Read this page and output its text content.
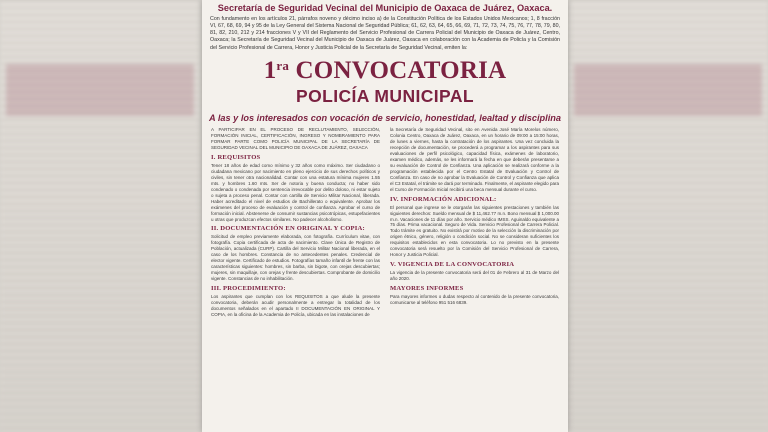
Secretaría de Seguridad Vecinal del Municipio de Oaxaca de Juárez, Oaxaca.

Con fundamento en los artículos 21, párrafos noveno y décimo inciso a) de la Constitución Política de los Estados Unidos Mexicanos; 1, 8 fracción VI, 67, 68, 69, 94 y 95 de la Ley General del Sistema Nacional de Seguridad Pública; 61, 62, 63, 64, 65, 66, 69, 71, 72, 73, 74, 75, 76, 77, 78, 79, 80, 81, 82, 210, 212 y 214 fracciones V y VII del Reglamento del Servicio Profesional de Carrera Policial del Municipio de Oaxaca de Juárez, Centro, Oaxaca; la Secretaría de Seguridad Vecinal del Municipio de Oaxaca de Juárez, Oaxaca en colaboración con la Academia de Policía y la Comisión del Servicio Profesional de Carrera, Honor y Justicia Policial de la Secretaría de Seguridad Vecinal, emiten la:

$1^{ra}$ CONVOCATORIA
POLICÍA MUNICIPAL
A las y los interesados con vocación de servicio, honestidad, lealtad y disciplina

A PARTICIPAR EN EL PROCESO DE RECLUTAMIENTO, SELECCIÓN, FORMACIÓN INICIAL, CERTIFICACIÓN, INGRESO Y NOMBRAMIENTO PARA FORMAR PARTE COMO POLICÍA MUNICIPAL DE LA SECRETARÍA DE SEGURIDAD VECINAL DEL MUNICIPIO DE OAXACA DE JUÁREZ, OAXACA

I. REQUISITOS

Tener 18 años de edad como mínimo y 32 años como máximo. Ser ciudadano o ciudadana mexicano por nacimiento en pleno ejercicio de sus derechos políticos y civiles, sin tener otra nacionalidad. Contar con una estatura mínima mujeres 1.55 mts. y hombres 1.60 mts. Ser de notoria y buena conducta; no haber sido condenado o condenada por sentencia irrevocable por delito doloso, ni estar sujeto o sujeta a proceso penal. Contar con cartilla de Servicio Militar Nacional, liberada. Haber acreditado el nivel de estudios de Bachillerato o equivalente. Aprobar los exámenes del proceso de evaluación y control de confianza. Aprobar el curso de formación inicial. Abstenerse de consumir sustancias psicotrópicas, estupefacientes u otras que produzcan efectos similares. No padecer alcoholismo.

II. DOCUMENTACIÓN EN ORIGINAL Y COPIA:

Solicitud de empleo previamente elaborada, con fotografía. Currículum vitae, con fotografía. Copia certificada de acta de nacimiento. Clave Única de Registro de Población, actualizada (CURP). Cartilla del Servicio Militar Nacional liberada, en el caso de los hombres. Constancia de no antecedentes penales. Credencial de elector vigente. Certificado de estudios. Fotografías tamaño infantil de frente con las características siguientes: hombres, sin barba, sin bigote, con orejas descubiertas; mujeres, sin maquillaje, con orejas y frente descubiertas. Comprobante de domicilio vigente. Constancias de no inhabilitación.

III. PROCEDIMIENTO:

Los aspirantes que cumplan con los REQUISITOS a que alude la presente convocatoria, deberán acudir personalmente a entregar la totalidad de los documentos señalados en el apartado II DOCUMENTACIÓN EN ORIGINAL Y COPIA, en la oficina de la Academia de Policía, ubicada en las instalaciones de

la Secretaría de Seguridad Vecinal, sito en Avenida José María Morelos número, Colonia Centro, Oaxaca de Juárez, Oaxaca, en un horario de 09:00 a 15:00 horas, de lunes a viernes, hasta la contratación de los aspirantes. Una vez concluida la recepción de documentación, se procederá a programar a los aspirantes para sus evaluaciones de perfil psicológico, capacidad física, exámenes de laboratorio, examen médico, además, se les informará la fecha en que deberán presentarse a su evaluación de Control de Confianza. Una aplicación se realizará conforme a la programación establecida por el Centro Estatal de Evaluación y Control de Confianza. En caso de no aprobar la Evaluación de Control y Confianza que aplica el C3 Estatal, el trámite se dará por terminado. Finalmente, el aspirante elegido para el Curso de Formación Inicial recibirá una beca mensual durante el curso.

IV. INFORMACIÓN ADICIONAL:

El personal que ingrese se le otorgarán las siguientes prestaciones y también las siguientes derechos: Sueldo mensual de $ 11,462.77 m.n. Bono mensual $ 1,000.00 m.n. Vacaciones de 11 días por año. Servicio médico IMSS. Aguinaldo equivalente a 75 días. Prima vacacional. Seguro de Vida. Servicio Profesional de Carrera Policial. Todo trámite es gratuito. No existirá por motivo de la selección la discriminación por origen étnico, género, religión o condición social. No se consideran suficientes los requisitos establecidos en esta convocatoria. Lo no previsto en la presente convocatoria será resuelto por la Comisión del Servicio Profesional de Carrera, Honor y Justicia Policial.

V. VIGENCIA DE LA CONVOCATORIA

La vigencia de la presente convocatoria será del 01 de Febrero al 31 de Marzo del año 2020.

MAYORES INFORMES

Para mayores informes o dudas respecto al contenido de la presente convocatoria, comunicarse al teléfono 951 516 6839.
